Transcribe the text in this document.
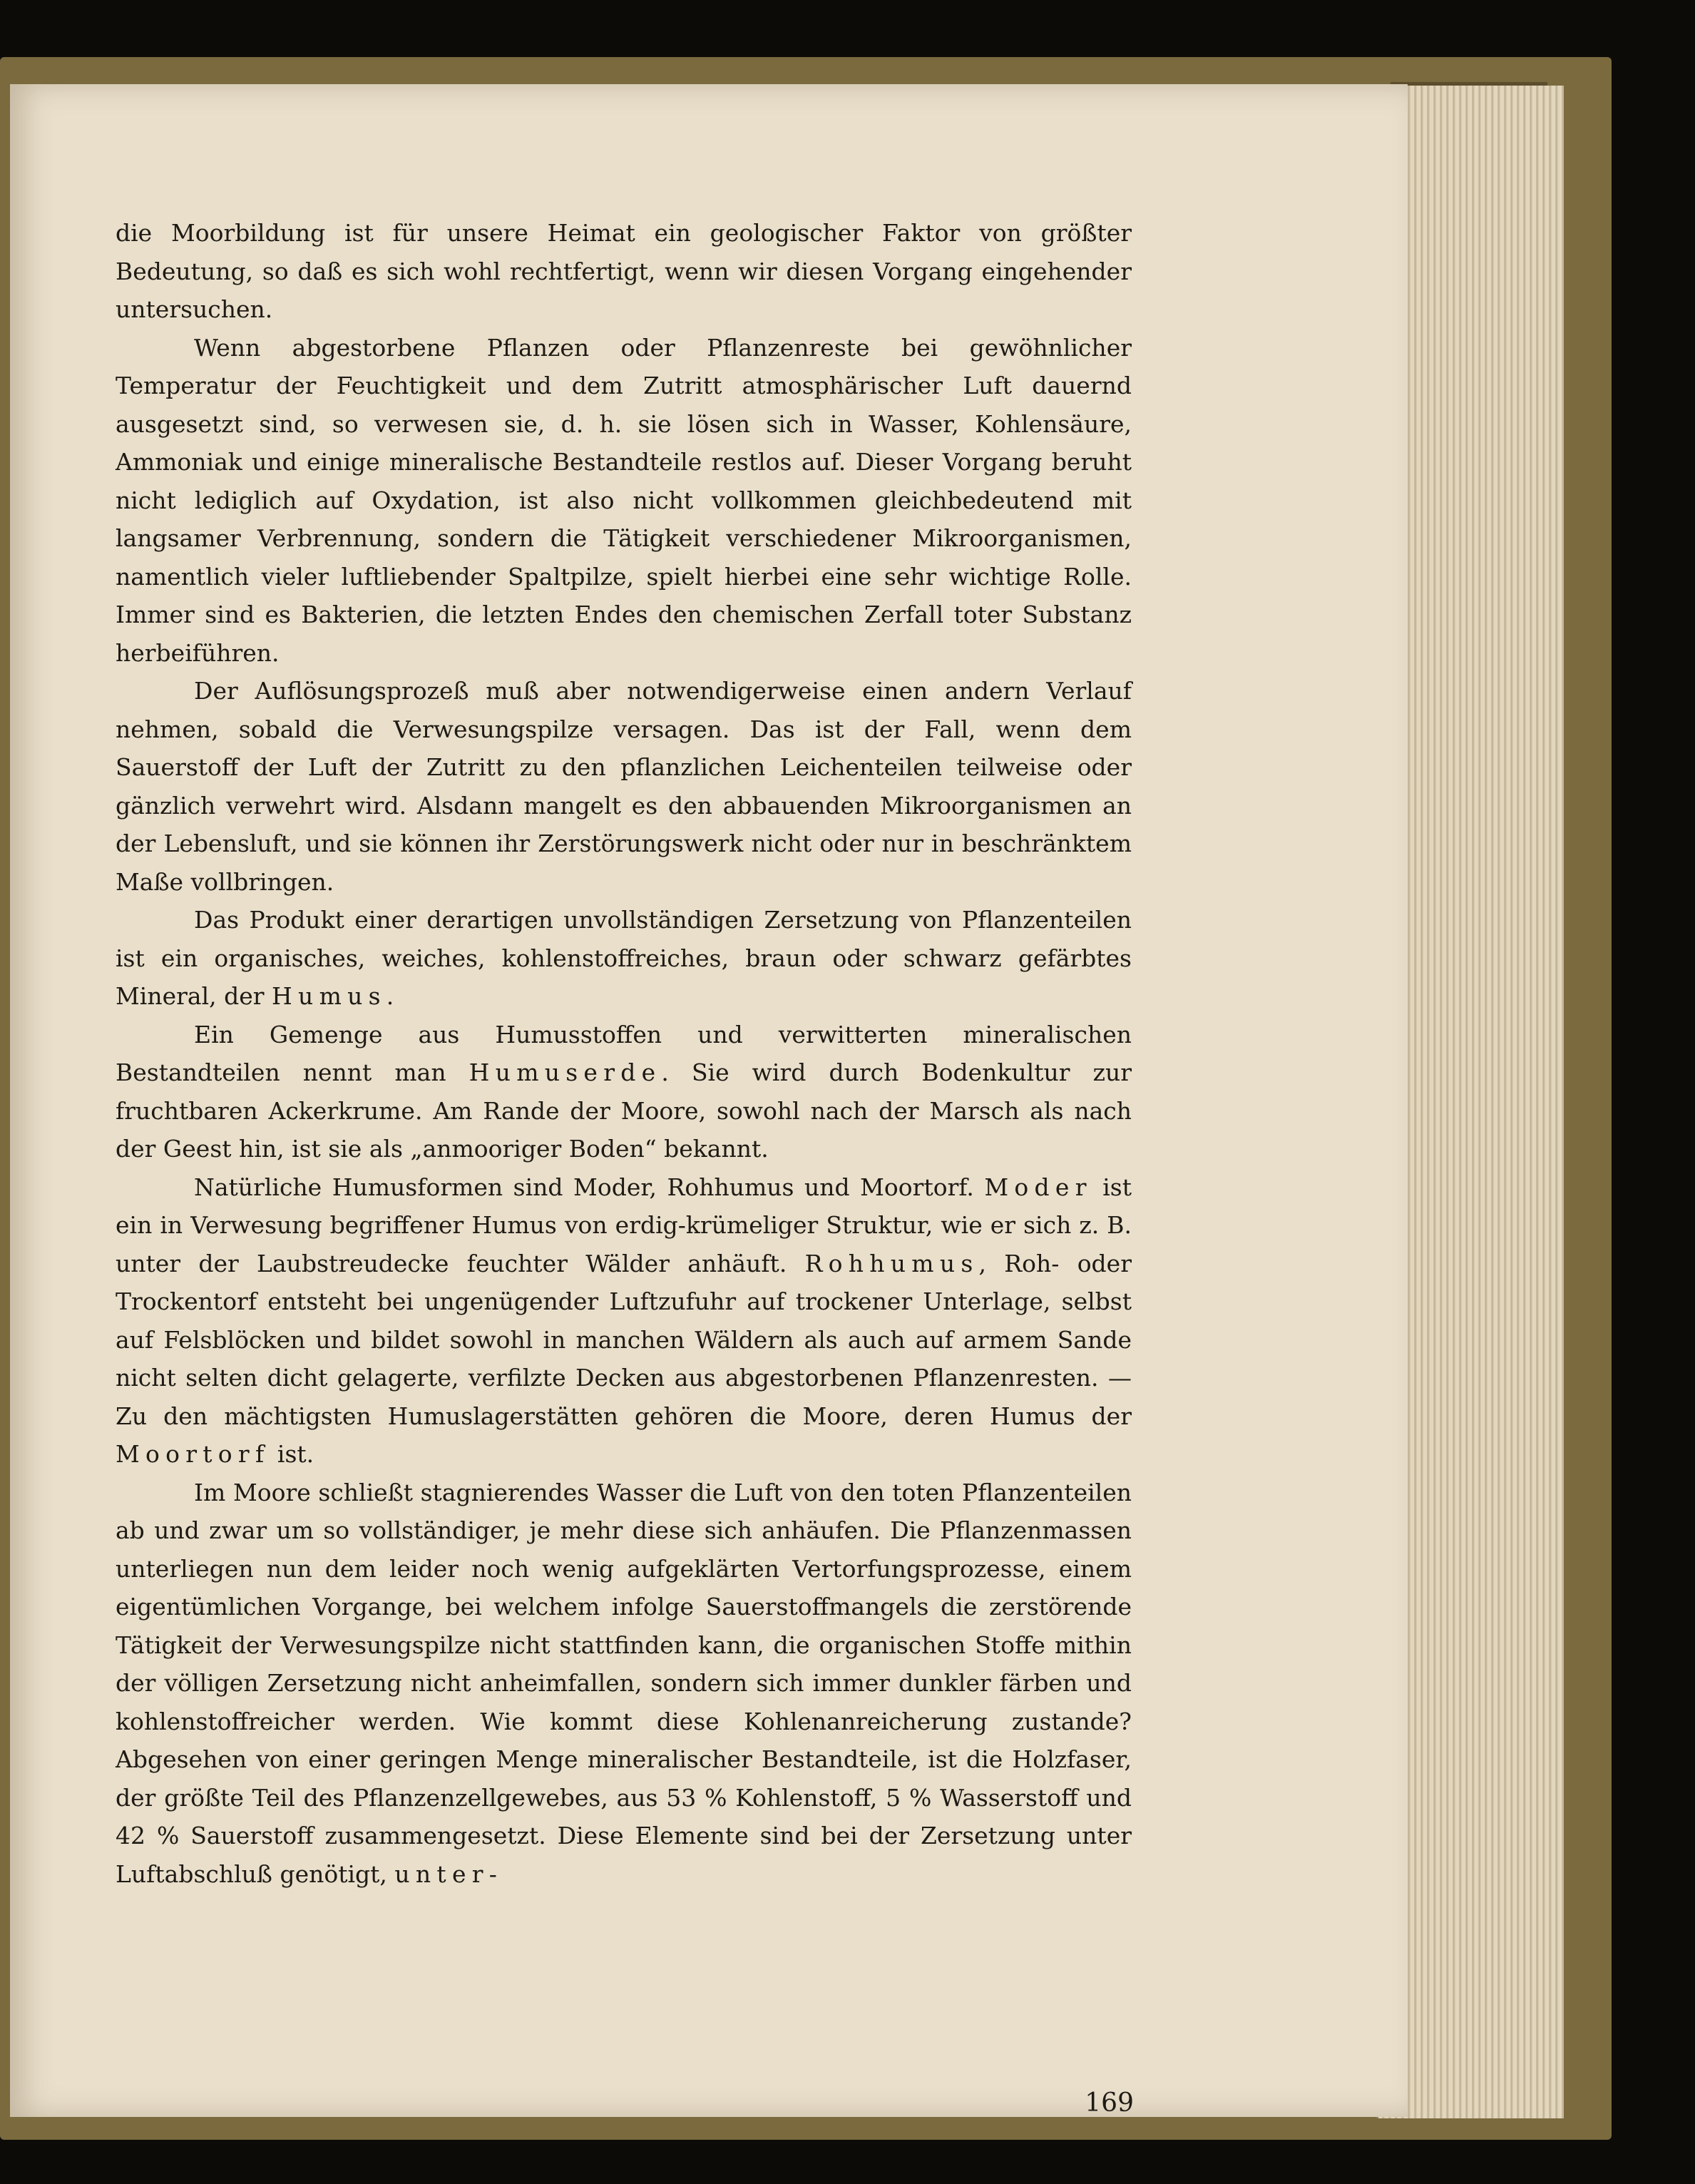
die Moorbildung ist für unsere Heimat ein geologischer Faktor von größter Bedeutung, so daß es sich wohl rechtfertigt, wenn wir diesen Vorgang eingehender untersuchen.

Wenn abgestorbene Pflanzen oder Pflanzenreste bei gewöhnlicher Temperatur der Feuchtigkeit und dem Zutritt atmosphärischer Luft dauernd ausgesetzt sind, so verwesen sie, d. h. sie lösen sich in Wasser, Kohlensäure, Ammoniak und einige mineralische Bestandteile restlos auf. Dieser Vorgang beruht nicht lediglich auf Oxydation, ist also nicht vollkommen gleichbedeutend mit langsamer Verbrennung, sondern die Tätigkeit verschiedener Mikroorganismen, namentlich vieler luftliebender Spaltpilze, spielt hierbei eine sehr wichtige Rolle. Immer sind es Bakterien, die letzten Endes den chemischen Zerfall toter Substanz herbeiführen.

Der Auflösungsprozeß muß aber notwendigerweise einen andern Verlauf nehmen, sobald die Verwesungspilze versagen. Das ist der Fall, wenn dem Sauerstoff der Luft der Zutritt zu den pflanzlichen Leichenteilen teilweise oder gänzlich verwehrt wird. Alsdann mangelt es den abbauenden Mikroorganismen an der Lebensluft, und sie können ihr Zerstörungswerk nicht oder nur in beschränktem Maße vollbringen.

Das Produkt einer derartigen unvollständigen Zersetzung von Pflanzenteilen ist ein organisches, weiches, kohlenstoffreiches, braun oder schwarz gefärbtes Mineral, der Humus.

Ein Gemenge aus Humusstoffen und verwitterten mineralischen Bestandteilen nennt man Humuserde. Sie wird durch Bodenkultur zur fruchtbaren Ackerkrume. Am Rande der Moore, sowohl nach der Marsch als nach der Geest hin, ist sie als „anmooriger Boden“ bekannt.

Natürliche Humusformen sind Moder, Rohhumus und Moortorf. Moder ist ein in Verwesung begriffener Humus von erdig-krümeliger Struktur, wie er sich z. B. unter der Laubstreudecke feuchter Wälder anhäuft. Rohhumus, Roh- oder Trockentorf entsteht bei ungenügender Luftzufuhr auf trockener Unterlage, selbst auf Felsblöcken und bildet sowohl in manchen Wäldern als auch auf armem Sande nicht selten dicht gelagerte, verfilzte Decken aus abgestorbenen Pflanzenresten. — Zu den mächtigsten Humuslagerstätten gehören die Moore, deren Humus der Moortorf ist.

Im Moore schließt stagnierendes Wasser die Luft von den toten Pflanzenteilen ab und zwar um so vollständiger, je mehr diese sich anhäufen. Die Pflanzenmassen unterliegen nun dem leider noch wenig aufgeklärten Vertorfungsprozesse, einem eigentümlichen Vorgange, bei welchem infolge Sauerstoffmangels die zerstörende Tätigkeit der Verwesungspilze nicht stattfinden kann, die organischen Stoffe mithin der völligen Zersetzung nicht anheimfallen, sondern sich immer dunkler färben und kohlenstoffreicher werden. Wie kommt diese Kohlenanreicherung zustande? Abgesehen von einer geringen Menge mineralischer Bestandteile, ist die Holzfaser, der größte Teil des Pflanzenzellgewebes, aus 53 % Kohlenstoff, 5 % Wasserstoff und 42 % Sauerstoff zusammengesetzt. Diese Elemente sind bei der Zersetzung unter Luftabschluß genötigt, unter-

169
